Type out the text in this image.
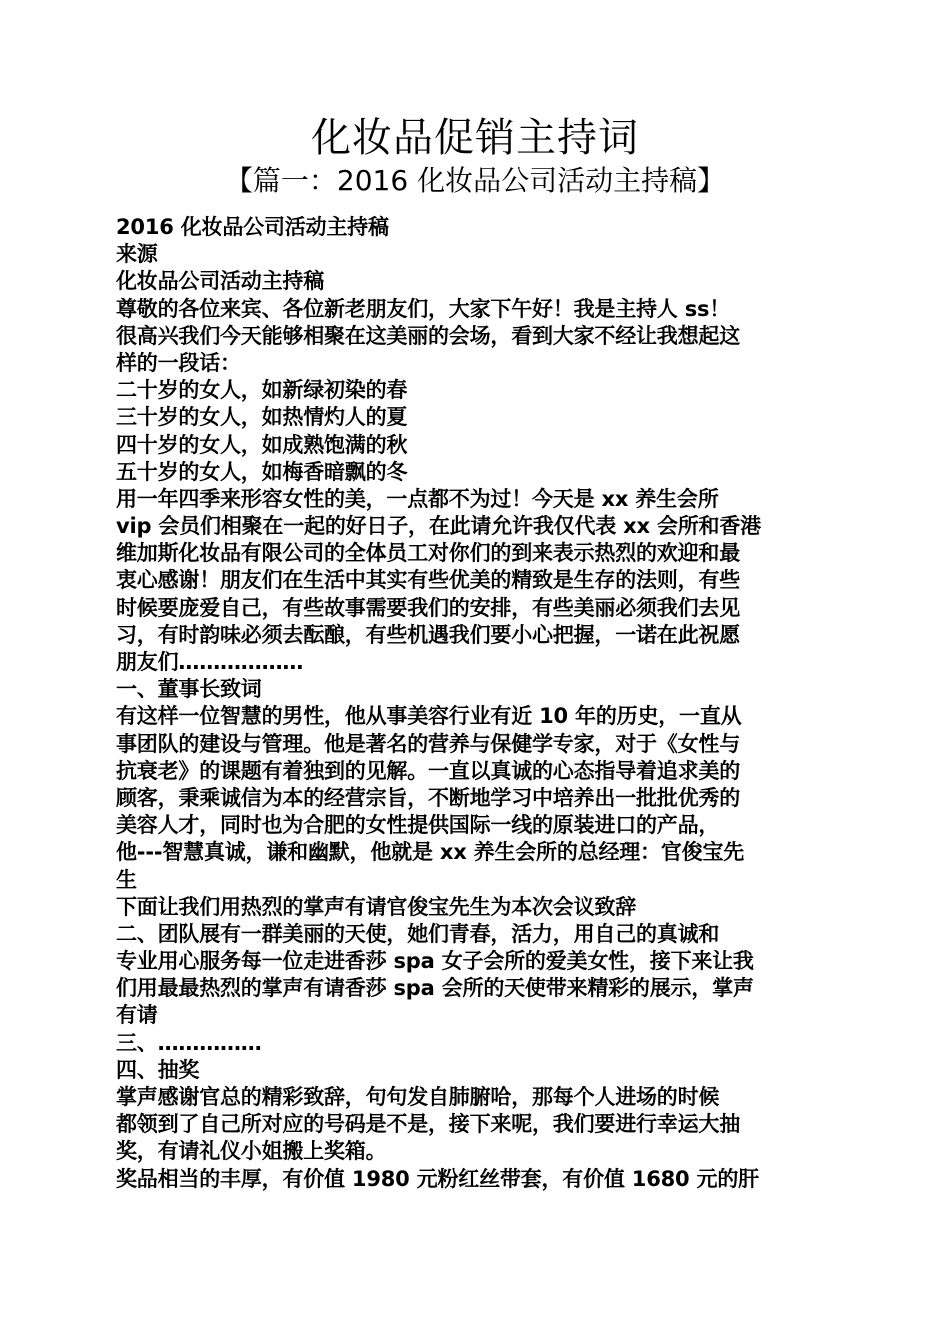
化妆品促销主持词
【篇一：2016 化妆品公司活动主持稿】
2016 化妆品公司活动主持稿
来源
化妆品公司活动主持稿
尊敬的各位来宾、各位新老朋友们，大家下午好！我是主持人 ss！
很高兴我们今天能够相聚在这美丽的会场，看到大家不经让我想起这
样的一段话：
二十岁的女人，如新绿初染的春
三十岁的女人，如热情灼人的夏
四十岁的女人，如成熟饱满的秋
五十岁的女人，如梅香暗飘的冬
用一年四季来形容女性的美，一点都不为过！今天是 xx 养生会所
vip 会员们相聚在一起的好日子，在此请允许我仅代表 xx 会所和香港
维加斯化妆品有限公司的全体员工对你们的到来表示热烈的欢迎和最
衷心感谢！朋友们在生活中其实有些优美的精致是生存的法则，有些
时候要庞爱自己，有些故事需要我们的安排，有些美丽必须我们去见
习，有时韵味必须去酝酿，有些机遇我们要小心把握，一诺在此祝愿
朋友们………………
一、董事长致词
有这样一位智慧的男性，他从事美容行业有近 10 年的历史，一直从
事团队的建设与管理。他是著名的营养与保健学专家，对于《女性与
抗衰老》的课题有着独到的见解。一直以真诚的心态指导着追求美的
顾客，秉乘诚信为本的经营宗旨，不断地学习中培养出一批批优秀的
美容人才，同时也为合肥的女性提供国际一线的原装进口的产品，
他---智慧真诚，谦和幽默，他就是 xx 养生会所的总经理：官俊宝先
生
下面让我们用热烈的掌声有请官俊宝先生为本次会议致辞
二、团队展有一群美丽的天使，她们青春，活力，用自己的真诚和
专业用心服务每一位走进香莎 spa 女子会所的爱美女性，接下来让我
们用最最热烈的掌声有请香莎 spa 会所的天使带来精彩的展示，掌声
有请
三、……………
四、抽奖
掌声感谢官总的精彩致辞，句句发自肺腑哈，那每个人进场的时候
都领到了自己所对应的号码是不是，接下来呢，我们要进行幸运大抽
奖，有请礼仪小姐搬上奖箱。
奖品相当的丰厚，有价值 1980 元粉红丝带套，有价值 1680 元的肝
